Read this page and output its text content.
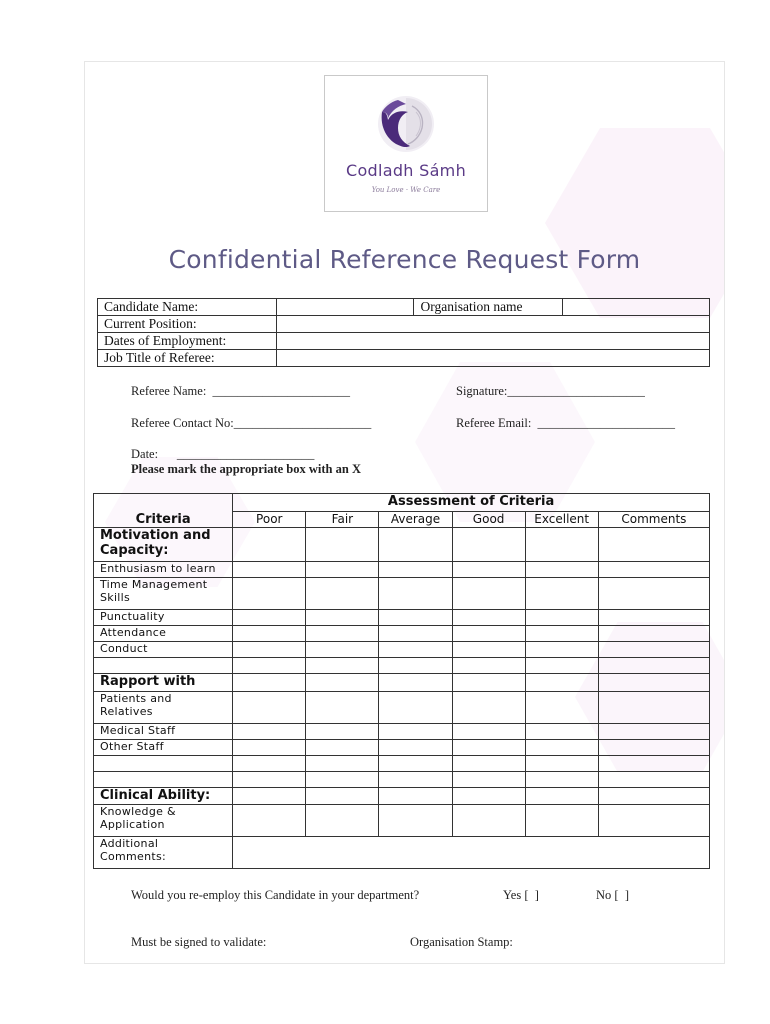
Codladh Sámh
You Love · We Care
Confidential Reference Request Form
Candidate Name:		Organisation name	
Current Position:			
Dates of Employment:			
Job Title of Referee:			
Referee Name:  ______________________	Signature:______________________
Referee Contact No:______________________	Referee Email:  ______________________
Date:      ______________________
Please mark the appropriate box with an X
Criteria	Assessment of Criteria					
	Poor	Fair	Average	Good	Excellent	Comments
Motivation and Capacity:						
Enthusiasm to learn						
Time Management Skills						
Punctuality						
Attendance						
Conduct						

Rapport with						
Patients and Relatives						
Medical Staff						
Other Staff						

Clinical Ability:						
Knowledge & Application						
Additional Comments:						
Would you re-employ this Candidate in your department?	Yes [  ]	No [  ]
Must be signed to validate:	Organisation Stamp:
